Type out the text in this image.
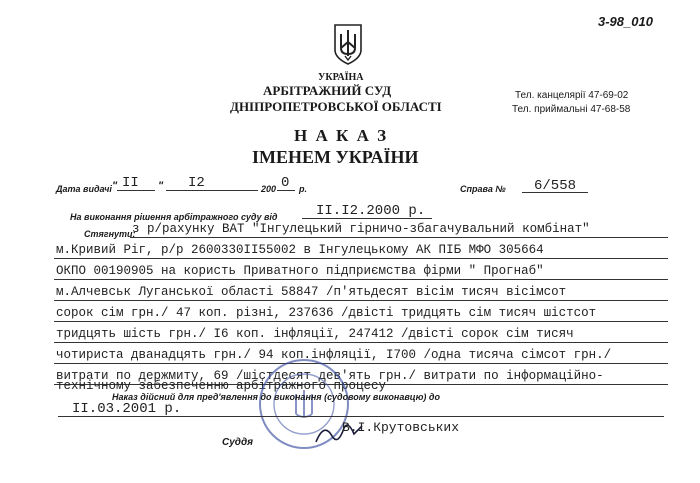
3-98_010
УКРАЇНА
АРБІТРАЖНИЙ СУД
ДНІПРОПЕТРОВСЬКОЇ ОБЛАСТІ
Тел. канцелярії 47-69-02
Тел. приймальні 47-68-58
Н А К А З
ІМЕНЕМ УКРАЇНИ
Дата видачі " II " I2	200 0 р.	Справа № 6/558
На виконання рішення арбітражного суду від	II.I2.2000 р.
Стягнути:
з р/рахунку ВАТ "Інгулецький гірничо-збагачувальний комбінат"
м.Кривий Ріг, р/р 2600330II55002 в Інгулецькому АК ПІБ МФО 305664
ОКПО 00190905 на користь Приватного підприємства фірми " Прогнаб"
м.Алчевськ Луганської області 58847 /п'ятьдесят вісім тисяч вісімсот
сорок сім грн./ 47 коп. різні, 237636 /двісті тридцять сім тисяч шістсот
тридцять шість грн./ I6 коп. інфляції, 247412 /двісті сорок сім тисяч
чотириста дванадцять грн./ 94 коп.інфляції, I700 /одна тисяча сімсот грн./
витрати по держмиту, 69 /шістдесят дев'ять грн./ витрати по інформаційно-
технічному забезпеченню арбітражного процесу
Наказ дійсний для пред'явлення до виконання (судовому виконавцю) до
II.03.2001 р.
Суддя
В.І.Крутовських
